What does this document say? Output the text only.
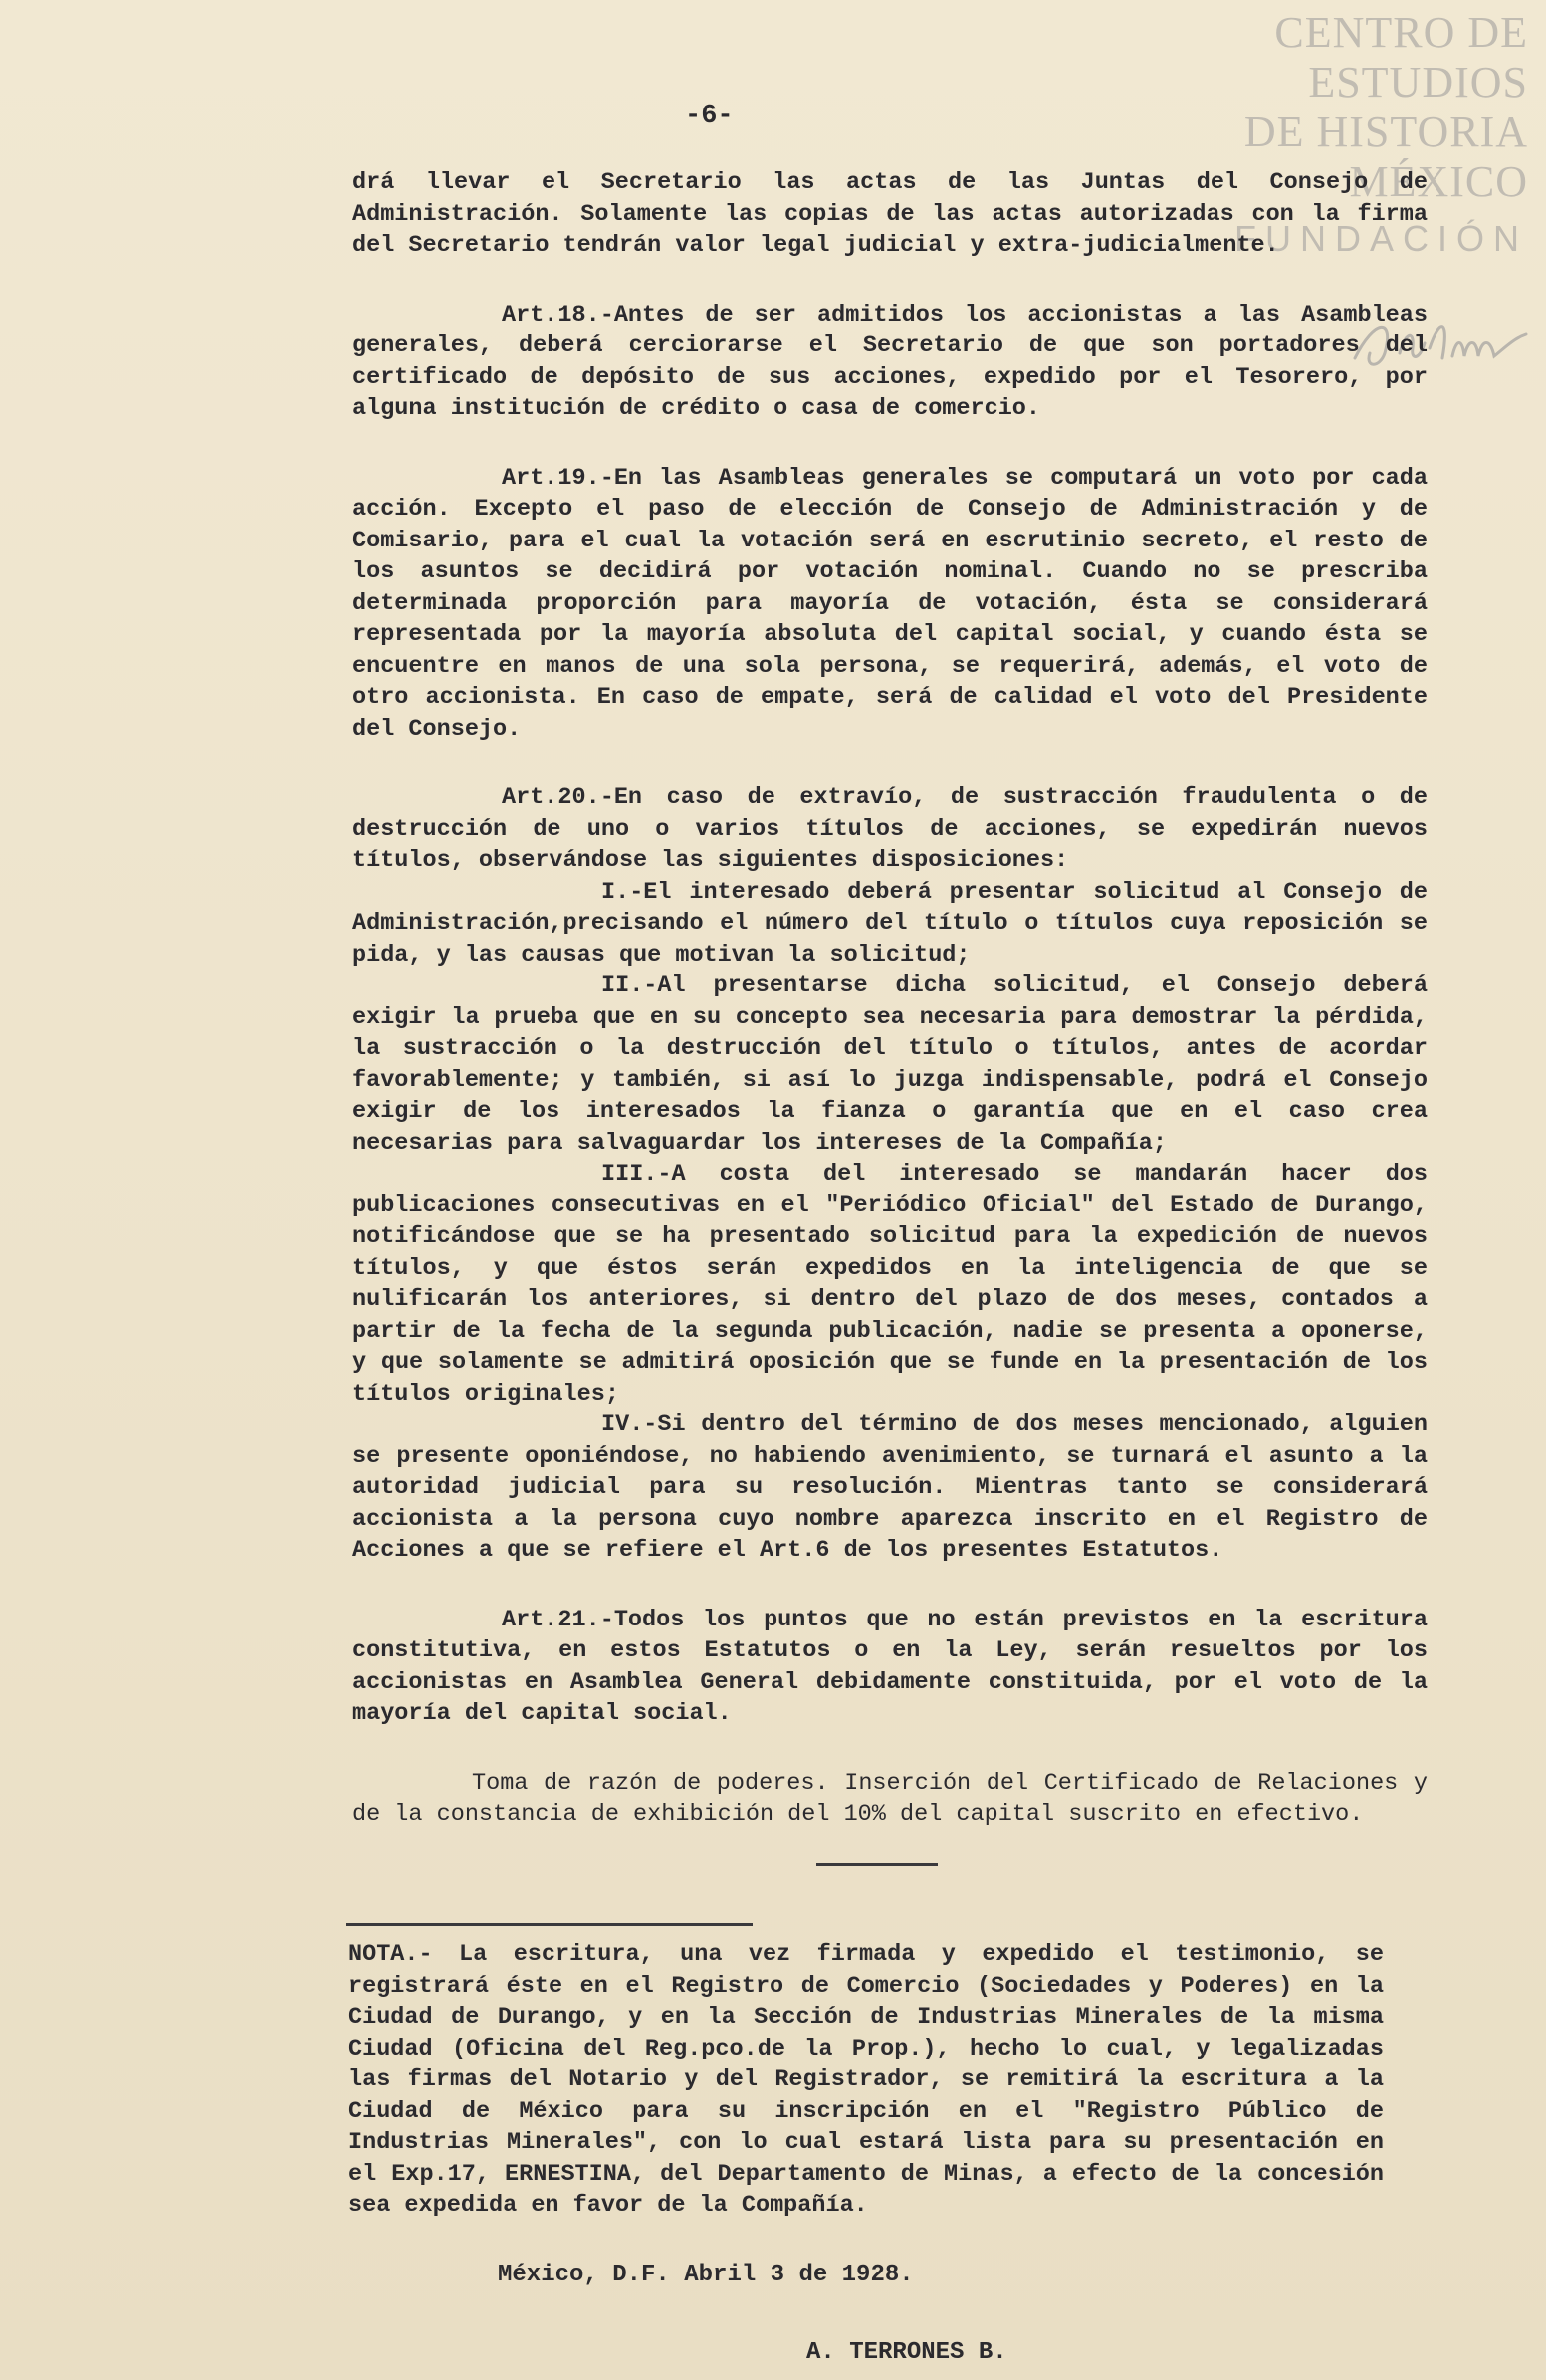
CENTRO DE
ESTUDIOS
DE HISTORIA
MÉXICO
FUNDACIÓN
-6-

drá llevar el Secretario las actas de las Juntas del Consejo de Administración. Solamente las copias de las actas autorizadas con la firma del Secretario tendrán valor legal judicial y extra-judicialmente.

Art.18.-Antes de ser admitidos los accionistas a las Asambleas generales, deberá cerciorarse el Secretario de que son portadores del certificado de depósito de sus acciones, expedido por el Tesorero, por alguna institución de crédito o casa de comercio.

Art.19.-En las Asambleas generales se computará un voto por cada acción. Excepto el paso de elección de Consejo de Administración y de Comisario, para el cual la votación será en escrutinio secreto, el resto de los asuntos se decidirá por votación nominal. Cuando no se prescriba determinada proporción para mayoría de votación, ésta se considerará representada por la mayoría absoluta del capital social, y cuando ésta se encuentre en manos de una sola persona, se requerirá, además, el voto de otro accionista. En caso de empate, será de calidad el voto del Presidente del Consejo.

Art.20.-En caso de extravío, de sustracción fraudulenta o de destrucción de uno o varios títulos de acciones, se expedirán nuevos títulos, observándose las siguientes disposiciones:

I.-El interesado deberá presentar solicitud al Consejo de Administración,precisando el número del título o títulos cuya reposición se pida, y las causas que motivan la solicitud;

II.-Al presentarse dicha solicitud, el Consejo deberá exigir la prueba que en su concepto sea necesaria para demostrar la pérdida, la sustracción o la destrucción del título o títulos, antes de acordar favorablemente; y también, si así lo juzga indispensable, podrá el Consejo exigir de los interesados la fianza o garantía que en el caso crea necesarias para salvaguardar los intereses de la Compañía;

III.-A costa del interesado se mandarán hacer dos publicaciones consecutivas en el "Periódico Oficial" del Estado de Durango, notificándose que se ha presentado solicitud para la expedición de nuevos títulos, y que éstos serán expedidos en la inteligencia de que se nulificarán los anteriores, si dentro del plazo de dos meses, contados a partir de la fecha de la segunda publicación, nadie se presenta a oponerse, y que solamente se admitirá oposición que se funde en la presentación de los títulos originales;

IV.-Si dentro del término de dos meses mencionado, alguien se presente oponiéndose, no habiendo avenimiento, se turnará el asunto a la autoridad judicial para su resolución. Mientras tanto se considerará accionista a la persona cuyo nombre aparezca inscrito en el Registro de Acciones a que se refiere el Art.6 de los presentes Estatutos.

Art.21.-Todos los puntos que no están previstos en la escritura constitutiva, en estos Estatutos o en la Ley, serán resueltos por los accionistas en Asamblea General debidamente constituida, por el voto de la mayoría del capital social.

Toma de razón de poderes. Inserción del Certificado de Relaciones y de la constancia de exhibición del 10% del capital suscrito en efectivo.

NOTA.- La escritura, una vez firmada y expedido el testimonio, se registrará éste en el Registro de Comercio (Sociedades y Poderes) en la Ciudad de Durango, y en la Sección de Industrias Minerales de la misma Ciudad (Oficina del Reg.pco.de la Prop.), hecho lo cual, y legalizadas las firmas del Notario y del Registrador, se remitirá la escritura a la Ciudad de México para su inscripción en el "Registro Público de Industrias Minerales", con lo cual estará lista para su presentación en el Exp.17, ERNESTINA, del Departamento de Minas, a efecto de la concesión sea expedida en favor de la Compañía.

México, D.F. Abril 3 de 1928.
A. TERRONES B.
